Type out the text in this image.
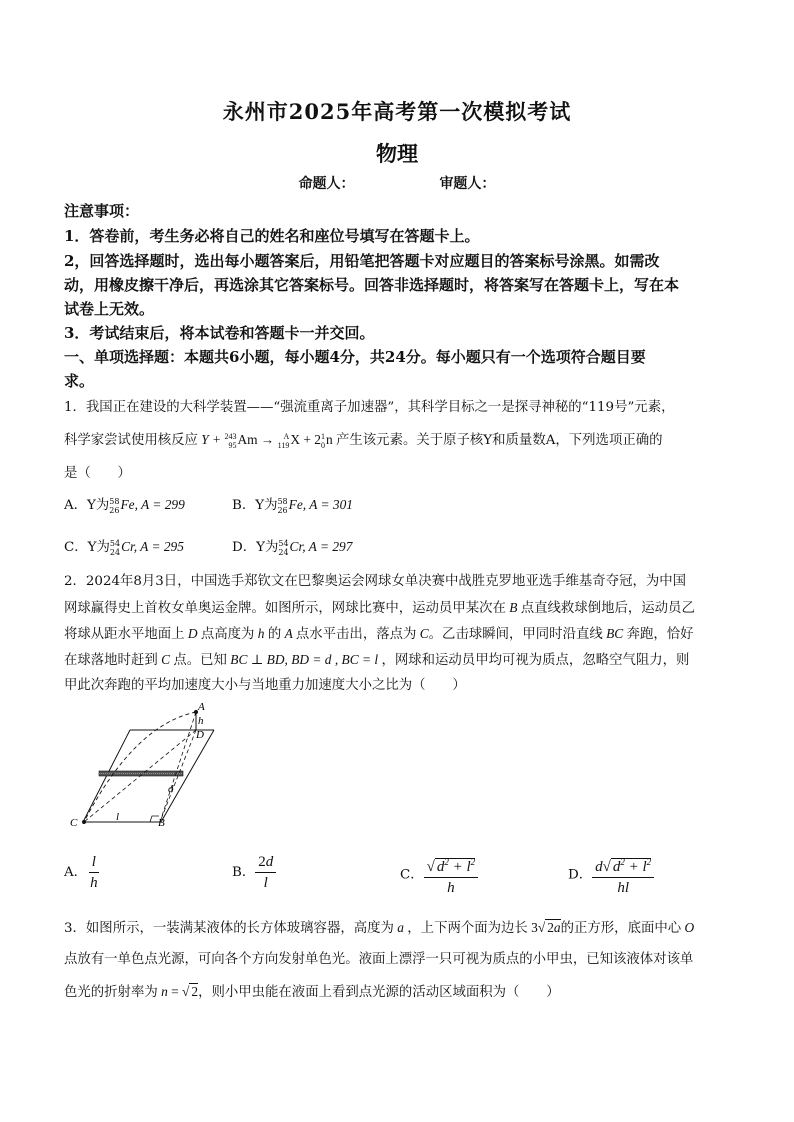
永州市2025年高考第一次模拟考试
物理
命题人：	审题人：
注意事项：
1．答卷前，考生务必将自己的姓名和座位号填写在答题卡上。
2，回答选择题时，选出每小题答案后，用铅笔把答题卡对应题目的答案标号涂黑。如需改
动，用橡皮擦干净后，再选涂其它答案标号。回答非选择题时，将答案写在答题卡上，写在本
试卷上无效。
3．考试结束后，将本试卷和答题卡一并交回。
一、单项选择题：本题共6小题，每小题4分，共24分。每小题只有一个选项符合题目要
求。
1．我国正在建设的大科学装置——“强流重离子加速器”，其科学目标之一是探寻神秘的“119号”元素，
科学家尝试使用核反应 Y + 243
95 Am → A
119 X + 2 1
0 n 产生该元素。关于原子核Y和质量数A，下列选项正确的
是（　　）
A．Y为 58
26 Fe, A = 299	B．Y为 58
26 Fe, A = 301
C．Y为 54
24 Cr, A = 295	D．Y为 54
24 Cr, A = 297
2．2024年8月3日，中国选手郑钦文在巴黎奥运会网球女单决赛中战胜克罗地亚选手维基奇夺冠，为中国
网球赢得史上首枚女单奥运金牌。如图所示，网球比赛中，运动员甲某次在 B 点直线救球倒地后，运动员乙
将球从距水平地面上 D 点高度为 h 的 A 点水平击出，落点为 C。乙击球瞬间，甲同时沿直线 BC 奔跑，恰好
在球落地时赶到 C 点。已知 BC ⊥ BD, BD = d , BC = l ，网球和运动员甲均可视为质点，忽略空气阻力，则
甲此次奔跑的平均加速度大小与当地重力加速度大小之比为（　　）
A
h
D
d
C	l	B
A． $\frac{l}{h}$	B． $\frac{2d}{l}$	C． $\frac{√ d^2 + l^2}{h}$	D． $\frac{d√ d^2 + l^2}{hl}$
3．如图所示，一装满某液体的长方体玻璃容器，高度为 a ，上下两个面为边长 3√ 2a的正方形，底面中心 O
点放有一单色点光源，可向各个方向发射单色光。液面上漂浮一只可视为质点的小甲虫，已知该液体对该单
色光的折射率为 n = √ 2，则小甲虫能在液面上看到点光源的活动区域面积为（　　）
